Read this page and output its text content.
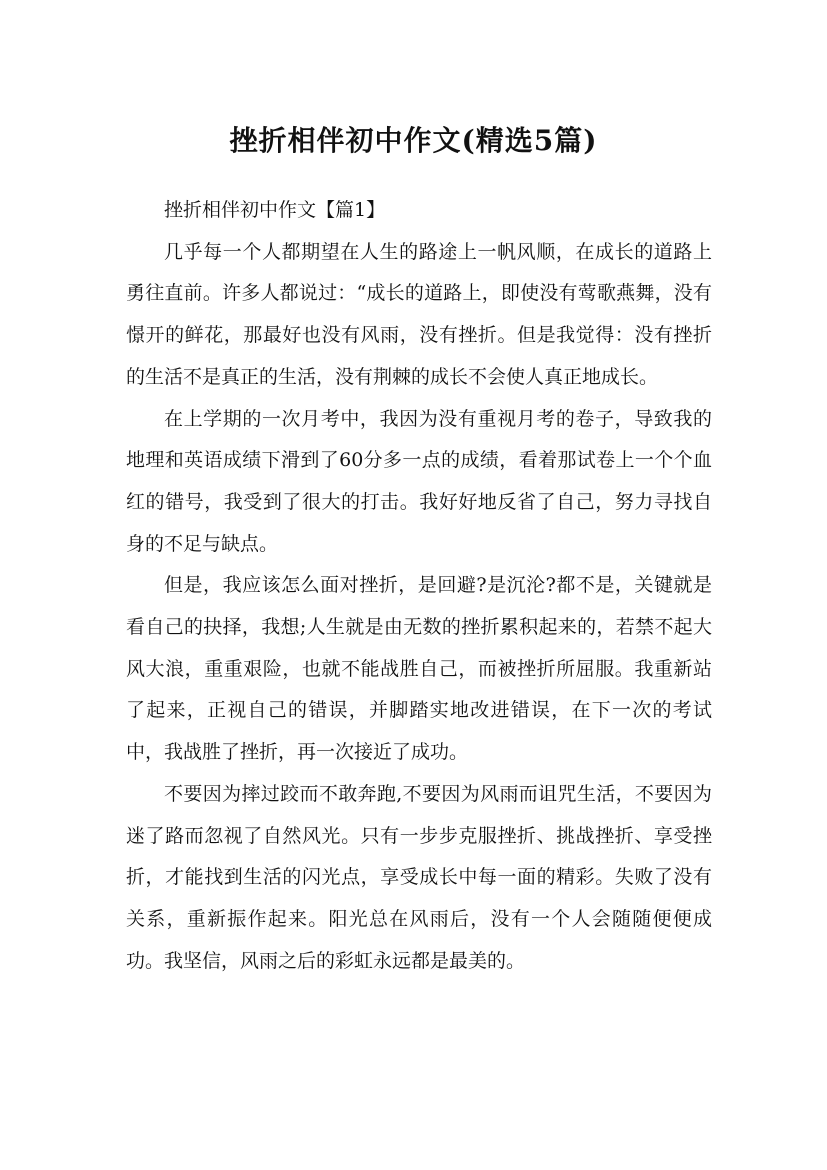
挫折相伴初中作文(精选5篇)

挫折相伴初中作文【篇1】

几乎每一个人都期望在人生的路途上一帆风顺，在成长的道路上勇往直前。许多人都说过：“成长的道路上，即使没有莺歌燕舞，没有憬开的鲜花，那最好也没有风雨，没有挫折。但是我觉得：没有挫折的生活不是真正的生活，没有荆棘的成长不会使人真正地成长。

在上学期的一次月考中，我因为没有重视月考的卷子，导致我的地理和英语成绩下滑到了60分多一点的成绩，看着那试卷上一个个血红的错号，我受到了很大的打击。我好好地反省了自己，努力寻找自身的不足与缺点。

但是，我应该怎么面对挫折，是回避?是沉沦?都不是，关键就是看自己的抉择，我想;人生就是由无数的挫折累积起来的，若禁不起大风大浪，重重艰险，也就不能战胜自己，而被挫折所屈服。我重新站了起来，正视自己的错误，并脚踏实地改进错误，在下一次的考试中，我战胜了挫折，再一次接近了成功。

不要因为摔过跤而不敢奔跑,不要因为风雨而诅咒生活，不要因为迷了路而忽视了自然风光。只有一步步克服挫折、挑战挫折、享受挫折，才能找到生活的闪光点，享受成长中每一面的精彩。失败了没有关系，重新振作起来。阳光总在风雨后，没有一个人会随随便便成功。我坚信，风雨之后的彩虹永远都是最美的。
